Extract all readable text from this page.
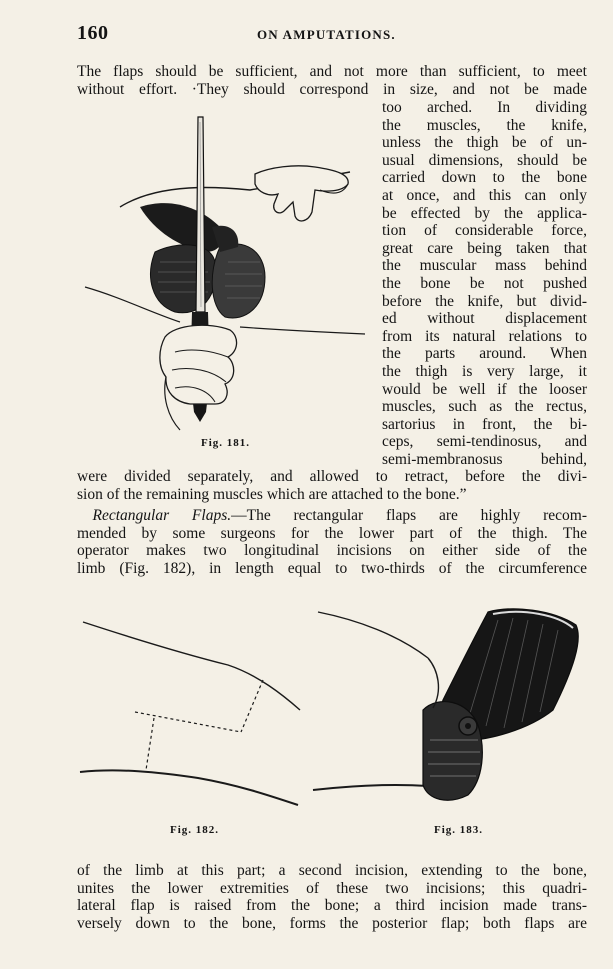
160	ON AMPUTATIONS.
The flaps should be sufficient, and not more than sufficient, to meet
without effort. ·They should correspond in size, and not be made
Fig. 181.
too arched. In dividing
the muscles, the knife,
unless the thigh be of un-
usual dimensions, should be
carried down to the bone
at once, and this can only
be effected by the applica-
tion of considerable force,
great care being taken that
the muscular mass behind
the bone be not pushed
before the knife, but divid-
ed without displacement
from its natural relations to
the parts around. When
the thigh is very large, it
would be well if the looser
muscles, such as the rectus,
sartorius in front, the bi-
ceps, semi-tendinosus, and
semi-membranosus behind,
were divided separately, and allowed to retract, before the divi-
sion of the remaining muscles which are attached to the bone.”
 Rectangular Flaps.—The rectangular flaps are highly recom-
mended by some surgeons for the lower part of the thigh. The
operator makes two longitudinal incisions on either side of the
limb (Fig. 182), in length equal to two-thirds of the circumference
Fig. 182.	Fig. 183.
of the limb at this part; a second incision, extending to the bone,
unites the lower extremities of these two incisions; this quadri-
lateral flap is raised from the bone; a third incision made trans-
versely down to the bone, forms the posterior flap; both flaps are
